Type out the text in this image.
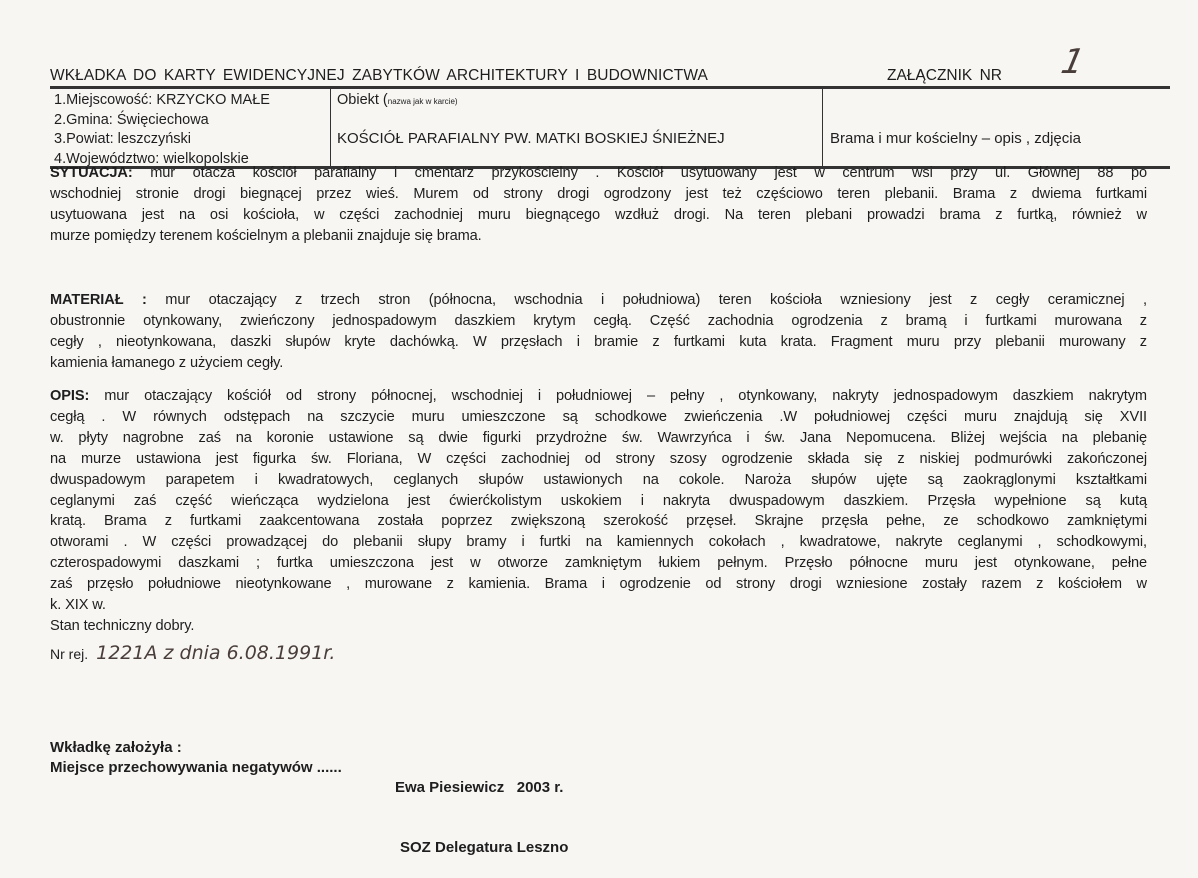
WKŁADKA DO KARTY EWIDENCYJNEJ ZABYTKÓW ARCHITEKTURY I BUDOWNICTWA	ZAŁĄCZNIK NR 1
1.Miejscowość: KRZYCKO MAŁE
2.Gmina: Święciechowa
3.Powiat: leszczyński
4.Województwo: wielkopolskie
Obiekt (nazwa jak w karcie)
KOŚCIÓŁ PARAFIALNY PW. MATKI BOSKIEJ ŚNIEŻNEJ	Brama i mur kościelny – opis , zdjęcia
SYTUACJA: mur otacza kościół parafialny i cmentarz przykościelny . Kościół usytuowany jest w centrum wsi przy ul. Głównej 88 po
wschodniej stronie drogi biegnącej przez wieś. Murem od strony drogi ogrodzony jest też częściowo teren plebanii. Brama z dwiema furtkami
usytuowana jest na osi kościoła, w części zachodniej muru biegnącego wzdłuż drogi. Na teren plebani prowadzi brama z furtką, również w
murze pomiędzy terenem kościelnym a plebanii znajduje się brama.
MATERIAŁ : mur otaczający z trzech stron (północna, wschodnia i południowa) teren kościoła wzniesiony jest z cegły ceramicznej ,
obustronnie otynkowany, zwieńczony jednospadowym daszkiem krytym cegłą. Część zachodnia ogrodzenia z bramą i furtkami murowana z
cegły , nieotynkowana, daszki słupów kryte dachówką. W przęsłach i bramie z furtkami kuta krata. Fragment muru przy plebanii murowany z
kamienia łamanego z użyciem cegły.
OPIS: mur otaczający kościół od strony północnej, wschodniej i południowej – pełny , otynkowany, nakryty jednospadowym daszkiem nakrytym
cegłą . W równych odstępach na szczycie muru umieszczone są schodkowe zwieńczenia .W południowej części muru znajdują się XVII
w. płyty nagrobne zaś na koronie ustawione są dwie figurki przydrożne św. Wawrzyńca i św. Jana Nepomucena. Bliżej wejścia na plebanię
na murze ustawiona jest figurka św. Floriana, W części zachodniej od strony szosy ogrodzenie składa się z niskiej podmurówki zakończonej
dwuspadowym parapetem i kwadratowych, ceglanych słupów ustawionych na cokole. Naroża słupów ujęte są zaokrąglonymi kształtkami
ceglanymi zaś część wieńcząca wydzielona jest ćwierćkolistym uskokiem i nakryta dwuspadowym daszkiem. Przęsła wypełnione są kutą
kratą. Brama z furtkami zaakcentowana została poprzez zwiększoną szerokość przęseł. Skrajne przęsła pełne, ze schodkowo zamkniętymi
otworami . W części prowadzącej do plebanii słupy bramy i furtki na kamiennych cokołach , kwadratowe, nakryte ceglanymi , schodkowymi,
czterospadowymi daszkami ; furtka umieszczona jest w otworze zamkniętym łukiem pełnym. Przęsło północne muru jest otynkowane, pełne
zaś przęsło południowe nieotynkowane , murowane z kamienia. Brama i ogrodzenie od strony drogi wzniesione zostały razem z kościołem w
k. XIX w.
Stan techniczny dobry.
Nr rej. 1221A z dnia 6.08.1991r.
Wkładkę założyła :
Miejsce przechowywania negatywów ......

Ewa Piesiewicz   2003 r.

SOZ Delegatura Leszno
